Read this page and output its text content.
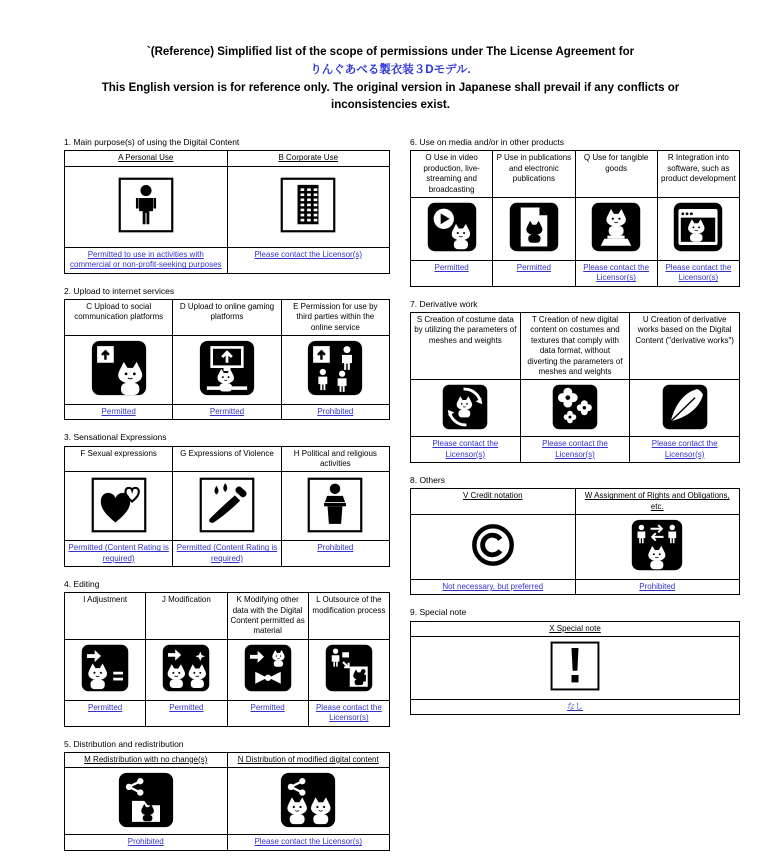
`(Reference) Simplified list of the scope of permissions under The License Agreement for
りんぐあべる製衣装３Dモデル.
This English version is for reference only. The original version in Japanese shall prevail if any conflicts or inconsistencies exist.
1. Main purpose(s) of using the Digital Content
A Personal Use	B Corporate Use

Permitted to use in activities with commercial or non-profit-seeking purposes	Please contact the Licensor(s)
2. Upload to internet services
C Upload to social communication platforms	D Upload to online gaming platforms	E Permission for use by third parties within the online service

Permitted	Permitted	Prohibited
3. Sensational Expressions
F Sexual expressions	G Expressions of Violence	H Political and religious activities

Permitted (Content Rating is required)	Permitted (Content Rating is required)	Prohibited
4. Editing
I Adjustment	J Modification	K Modifying other data with the Digital Content permitted as material	L Outsource of the modification process

Permitted	Permitted	Permitted	Please contact the Licensor(s)
5. Distribution and redistribution
M Redistribution with no change(s)	N Distribution of modified digital content

Prohibited	Please contact the Licensor(s)
6. Use on media and/or in other products
O Use in video production, live-streaming and broadcasting	P Use in publications and electronic publications	Q Use for tangible goods	R Integration into software, such as product development

Permitted	Permitted	Please contact the Licensor(s)	Please contact the Licensor(s)
7. Derivative work
S Creation of costume data by utilizing the parameters of meshes and weights	T Creation of new digital content on costumes and textures that comply with data format, without diverting the parameters of meshes and weights	U Creation of derivative works based on the Digital Content ("derivative works")

Please contact the Licensor(s)	Please contact the Licensor(s)	Please contact the Licensor(s)
8. Others
V Credit notation	W Assignment of Rights and Obligations, etc.

Not necessary, but preferred	Prohibited
9. Special note
X Special note

なし
